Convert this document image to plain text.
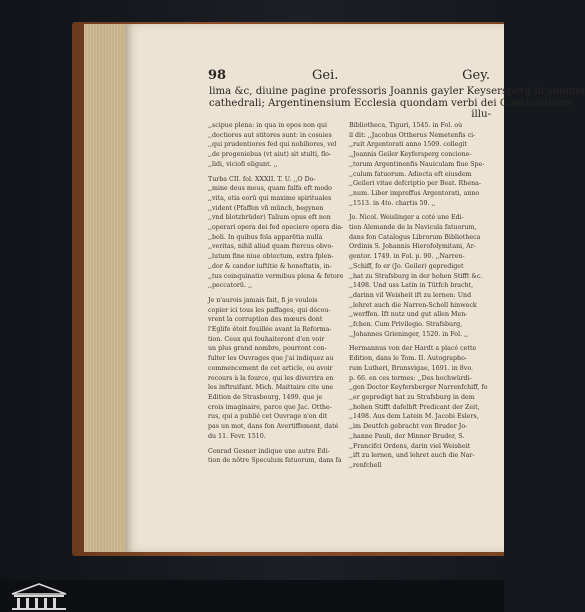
98	Gei.	Gey.
lima &c, diuine pagine professoris Joannis gayler Keysersperg in summa
cathedrali; Argentinensium Ecclesia quondam verbi dei Concionatoris
illu-
,,scipue plena: in qua in epos non qui
,,doctiores aut stitores sunt: in cosuies
,,qui prudentiores fed qui nobiliores, vel
,,de progeniebus (vt aiut) sit stulti, flo-
,,lidi, viciofi eligunt. ,,
Turba CII. fol. XXXII. T. U. ,,O Do-
,,mine deus meus, quam falfa eft modo
,,vita, etia eorū qui maxime spirituales
,,vident (Pfaffen vñ münch, begynen
,,vnd blotzbrüder) Talium opus eft non
,,operari opera dei fed opeciere opera dia-
,,boli. In quibus fola apparētia nulla
,,veritas, nihil aliud quam ftercus obvo-
,,lutum fine niue obtectum, extra fplen-
,,dor & candor iuftitie & honeftatis, in-
,,tus coinquinatio vermibus plena & fetore
,,peccatorū. ,,
Je n'aurois jamais fait, fi je voulois
copier ici tous les paffages, qui décou-
vrent la corruption des mœurs dont
l'Eglife étoit fouillée avant la Reforma-
tion. Ceux qui fouhaiteront d'en voir
un plus grand nombre, pourront con-
fulter les Ouvrages que j'ai indiquez au
commencement de cet article, ou avoir
recours à la fource, qui les diverrira en
les inftruifant. Mich. Maittaire cite une
Edition de Strasbourg, 1499. que je
crois imaginaire, parce que Jac. Otthe-
rus, qui a publié cet Ouvrage n'en dit
pas un mot, dans fon Avertiffement, daté
du 11. Fevr. 1510.
Conrad Gesner indique une autre Edi-
tion de nôtre Speculum fatuorum, dans fa
Bibliotheca, Tiguri, 1545. in Fol. où
il dit: ,,Jacobus Ottherus Nemetenfis ci-
,,ruit Argentorati anno 1509. collegit
,,Joannis Geiler Keyfersperg concione-
,,torum Argentinenfis Nauiculam fiue Spe-
,,culum fatuorum. Adiecta eft eiusdem
,,Geileri vitae defcriptio per Beat. Rhena-
,,num. Liber impreffus Argentorati, anno
,,1513. in 4to. chartis 59. ,,
Jo. Nicol. Weislinger a coté une Edi-
tion Alemande de la Navicula fatuorum,
dans fon Catalogus Librorum Bibliotheca
Ordinis S. Johannis Hierofolymitani, Ar-
gentor. 1749. in Fol. p. 90. ,,Narren-
,,Schiff, fo er (Jo. Geiler) geprediget
,,hat zu Strafsburg in der hohen Stifft &c.
,,1498. Und uss Latin in Tütfch bracht,
,,darinn vil Weisheit ift zu lernen: Und
,,lehret auch die Narren-Schell hinweck
,,werffen. Ift nutz und gut allen Men-
,,fchen. Cum Privilegio. Strafsburg,
,,Johannes Grieninger, 1520. in Fol. ,,
Hermannus von der Hardt a placé cette
Edition, dans le Tom. II. Autographo-
rum Lutheri, Brunsvigae, 1691. in 8vo.
p. 66. en ces termes: ,,Des hochwürdi-
,,gen Doctor Keyfersberger Narrenfchiff, fo
,,er gepredigt hat zu Strafsburg in dem
,,hohen Stifft dafelbft Predicant der Zeit,
,,1498. Aus dem Latein M. Jacobi Eslers,
,,im Deutfch gebracht von Bruder Jo-
,,hanne Pauli, der Minner Bruder, S.
,,Francifci Ordens, darin viel Weisheit
,,ift zu lernen, und lehret auch die Nar-
,,renfchell
